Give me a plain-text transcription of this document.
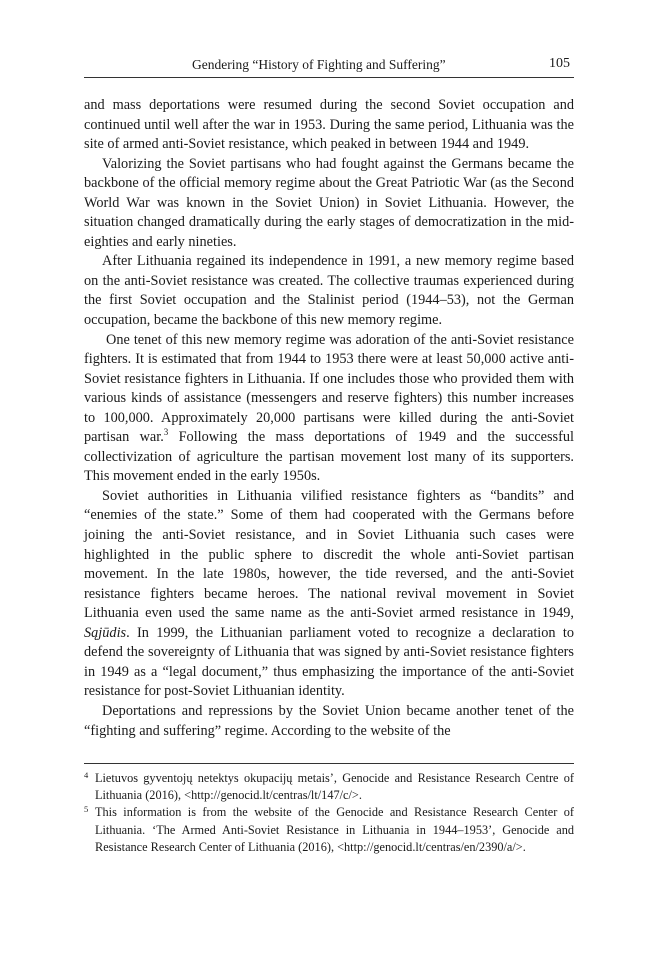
Gendering “History of Fighting and Suffering”	105

and mass deportations were resumed during the second Soviet occupation and continued until well after the war in 1953. During the same period, Lithuania was the site of armed anti-Soviet resistance, which peaked in between 1944 and 1949.

Valorizing the Soviet partisans who had fought against the Germans became the backbone of the official memory regime about the Great Patriotic War (as the Second World War was known in the Soviet Union) in Soviet Lithuania. However, the situation changed dramatically during the early stages of democratization in the mid-eighties and early nineties.

After Lithuania regained its independence in 1991, a new memory regime based on the anti-Soviet resistance was created. The collective traumas experienced during the first Soviet occupation and the Stalinist period (1944–53), not the German occupation, became the backbone of this new memory regime.

One tenet of this new memory regime was adoration of the anti-Soviet resistance fighters. It is estimated that from 1944 to 1953 there were at least 50,000 active anti-Soviet resistance fighters in Lithuania. If one includes those who provided them with various kinds of assistance (messengers and reserve fighters) this number increases to 100,000. Approximately 20,000 partisans were killed during the anti-Soviet partisan war.$^3$ Following the mass deportations of 1949 and the successful collectivization of agriculture the partisan movement lost many of its supporters. This movement ended in the early 1950s.

Soviet authorities in Lithuania vilified resistance fighters as “bandits” and “enemies of the state.” Some of them had cooperated with the Germans before joining the anti-Soviet resistance, and in Soviet Lithuania such cases were highlighted in the public sphere to discredit the whole anti-Soviet partisan movement. In the late 1980s, however, the tide reversed, and the anti-Soviet resistance fighters became heroes. The national revival movement in Soviet Lithuania even used the same name as the anti-Soviet armed resistance in 1949, Sąjūdis. In 1999, the Lithuanian parliament voted to recognize a declaration to defend the sovereignty of Lithuania that was signed by anti-Soviet resistance fighters in 1949 as a “legal document,” thus emphasizing the importance of the anti-Soviet resistance for post-Soviet Lithuanian identity.

Deportations and repressions by the Soviet Union became another tenet of the “fighting and suffering” regime. According to the website of the

4 Lietuvos gyventojų netektys okupacijų metais’, Genocide and Resistance Research Centre of Lithuania (2016), <http://genocid.lt/centras/lt/147/c/>.
5 This information is from the website of the Genocide and Resistance Research Center of Lithuania. ‘The Armed Anti-Soviet Resistance in Lithuania in 1944–1953’, Genocide and Resistance Research Center of Lithuania (2016), <http://genocid.lt/centras/en/2390/a/>.
